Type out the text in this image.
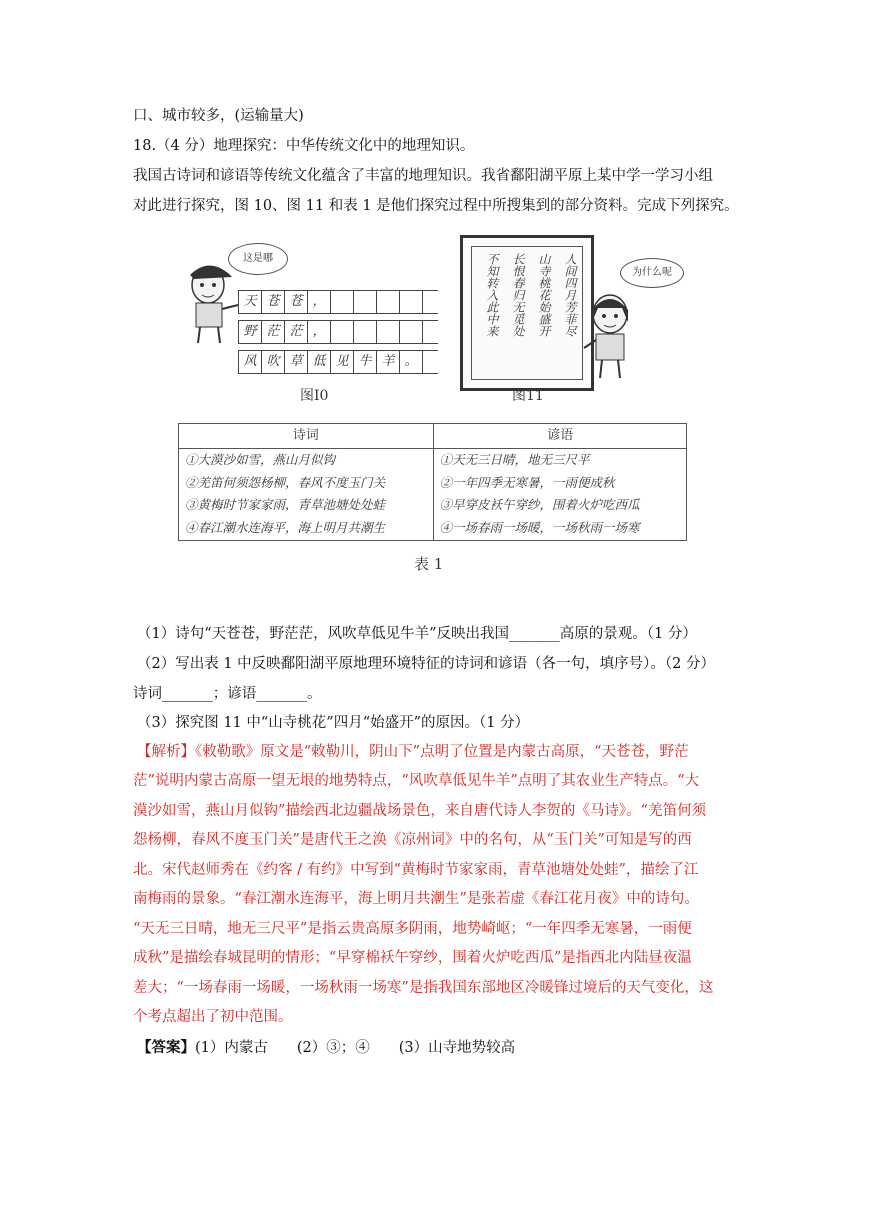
口、城市较多，(运输量大)
18.（4 分）地理探究：中华传统文化中的地理知识。
我国古诗词和谚语等传统文化蕴含了丰富的地理知识。我省鄱阳湖平原上某中学一学习小组
对此进行探究，图 10、图 11 和表 1 是他们探究过程中所搜集到的部分资料。完成下列探究。
这是哪
天 苍 苍 ，
野 茫 茫 ，
风 吹 草 低 见 牛 羊 。
图I0
人间四月芳菲尽
山寺桃花始盛开
长恨春归无觅处
不知转入此中来	为什么呢
图11
诗词
①大漠沙如雪，燕山月似钩
②羌笛何须怨杨柳，春风不度玉门关
③黄梅时节家家雨，青草池塘处处蛙
④春江潮水连海平，海上明月共潮生
谚语
①天无三日晴，地无三尺平
②一年四季无寒暑，一雨便成秋
③早穿皮袄午穿纱，围着火炉吃西瓜
④一场春雨一场暖，一场秋雨一场寒
表 1
（1）诗句“天苍苍，野茫茫，风吹草低见牛羊”反映出我国_______高原的景观。（1 分）
（2）写出表 1 中反映鄱阳湖平原地理环境特征的诗词和谚语（各一句，填序号）。（2 分）
诗词_______；谚语_______。
（3）探究图 11 中“山寺桃花”四月“始盛开”的原因。（1 分）
【解析】《敕勒歌》原文是“敕勒川，阴山下”点明了位置是内蒙古高原，“天苍苍，野茫
茫”说明内蒙古高原一望无垠的地势特点，“风吹草低见牛羊”点明了其农业生产特点。“大
漠沙如雪，燕山月似钩”描绘西北边疆战场景色，来自唐代诗人李贺的《马诗》。“羌笛何须
怨杨柳，春风不度玉门关”是唐代王之涣《凉州词》中的名句，从“玉门关”可知是写的西
北。宋代赵师秀在《约客 / 有约》中写到“黄梅时节家家雨，青草池塘处处蛙”，描绘了江
南梅雨的景象。“春江潮水连海平，海上明月共潮生”是张若虚《春江花月夜》中的诗句。
“天无三日晴，地无三尺平”是指云贵高原多阴雨，地势崎岖；“一年四季无寒暑，一雨便
成秋”是描绘春城昆明的情形；“早穿棉袄午穿纱，围着火炉吃西瓜”是指西北内陆昼夜温
差大；“一场春雨一场暖，一场秋雨一场寒”是指我国东部地区冷暖锋过境后的天气变化，这
个考点超出了初中范围。
【答案】(1）内蒙古　　(2）③；④　　(3）山寺地势较高
